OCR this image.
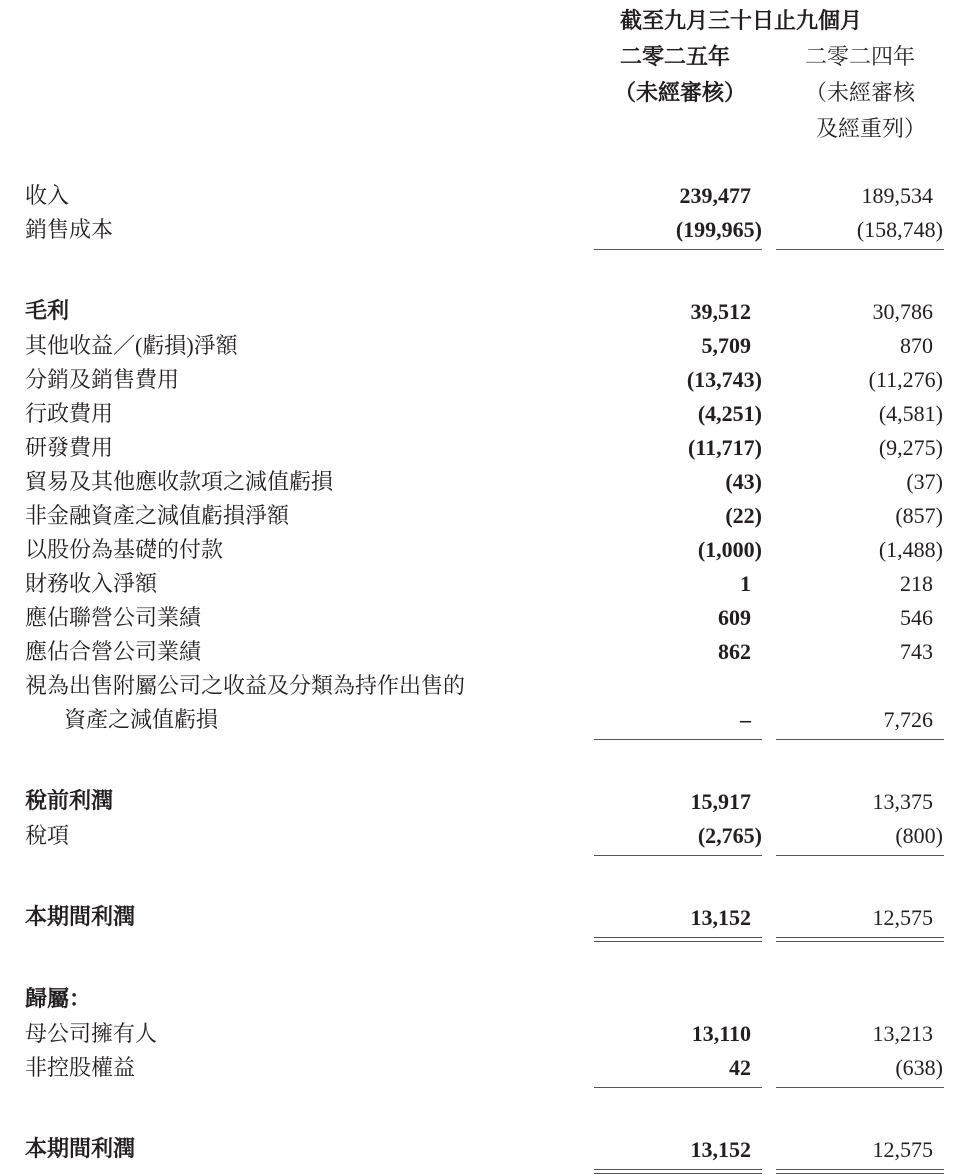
截至九月三十日止九個月
二零二五年	二零二四年
（未經審核）	（未經審核
及經重列）
收入	239,477	189,534
銷售成本	(199,965)	(158,748)
毛利	39,512	30,786
其他收益／(虧損)淨額	5,709	870
分銷及銷售費用	(13,743)	(11,276)
行政費用	(4,251)	(4,581)
研發費用	(11,717)	(9,275)
貿易及其他應收款項之減值虧損	(43)	(37)
非金融資產之減值虧損淨額	(22)	(857)
以股份為基礎的付款	(1,000)	(1,488)
財務收入淨額	1	218
應佔聯營公司業績	609	546
應佔合營公司業績	862	743
視為出售附屬公司之收益及分類為持作出售的
資產之減值虧損	–	7,726
稅前利潤	15,917	13,375
稅項	(2,765)	(800)
本期間利潤	13,152	12,575
歸屬：
母公司擁有人	13,110	13,213
非控股權益	42	(638)
本期間利潤	13,152	12,575
